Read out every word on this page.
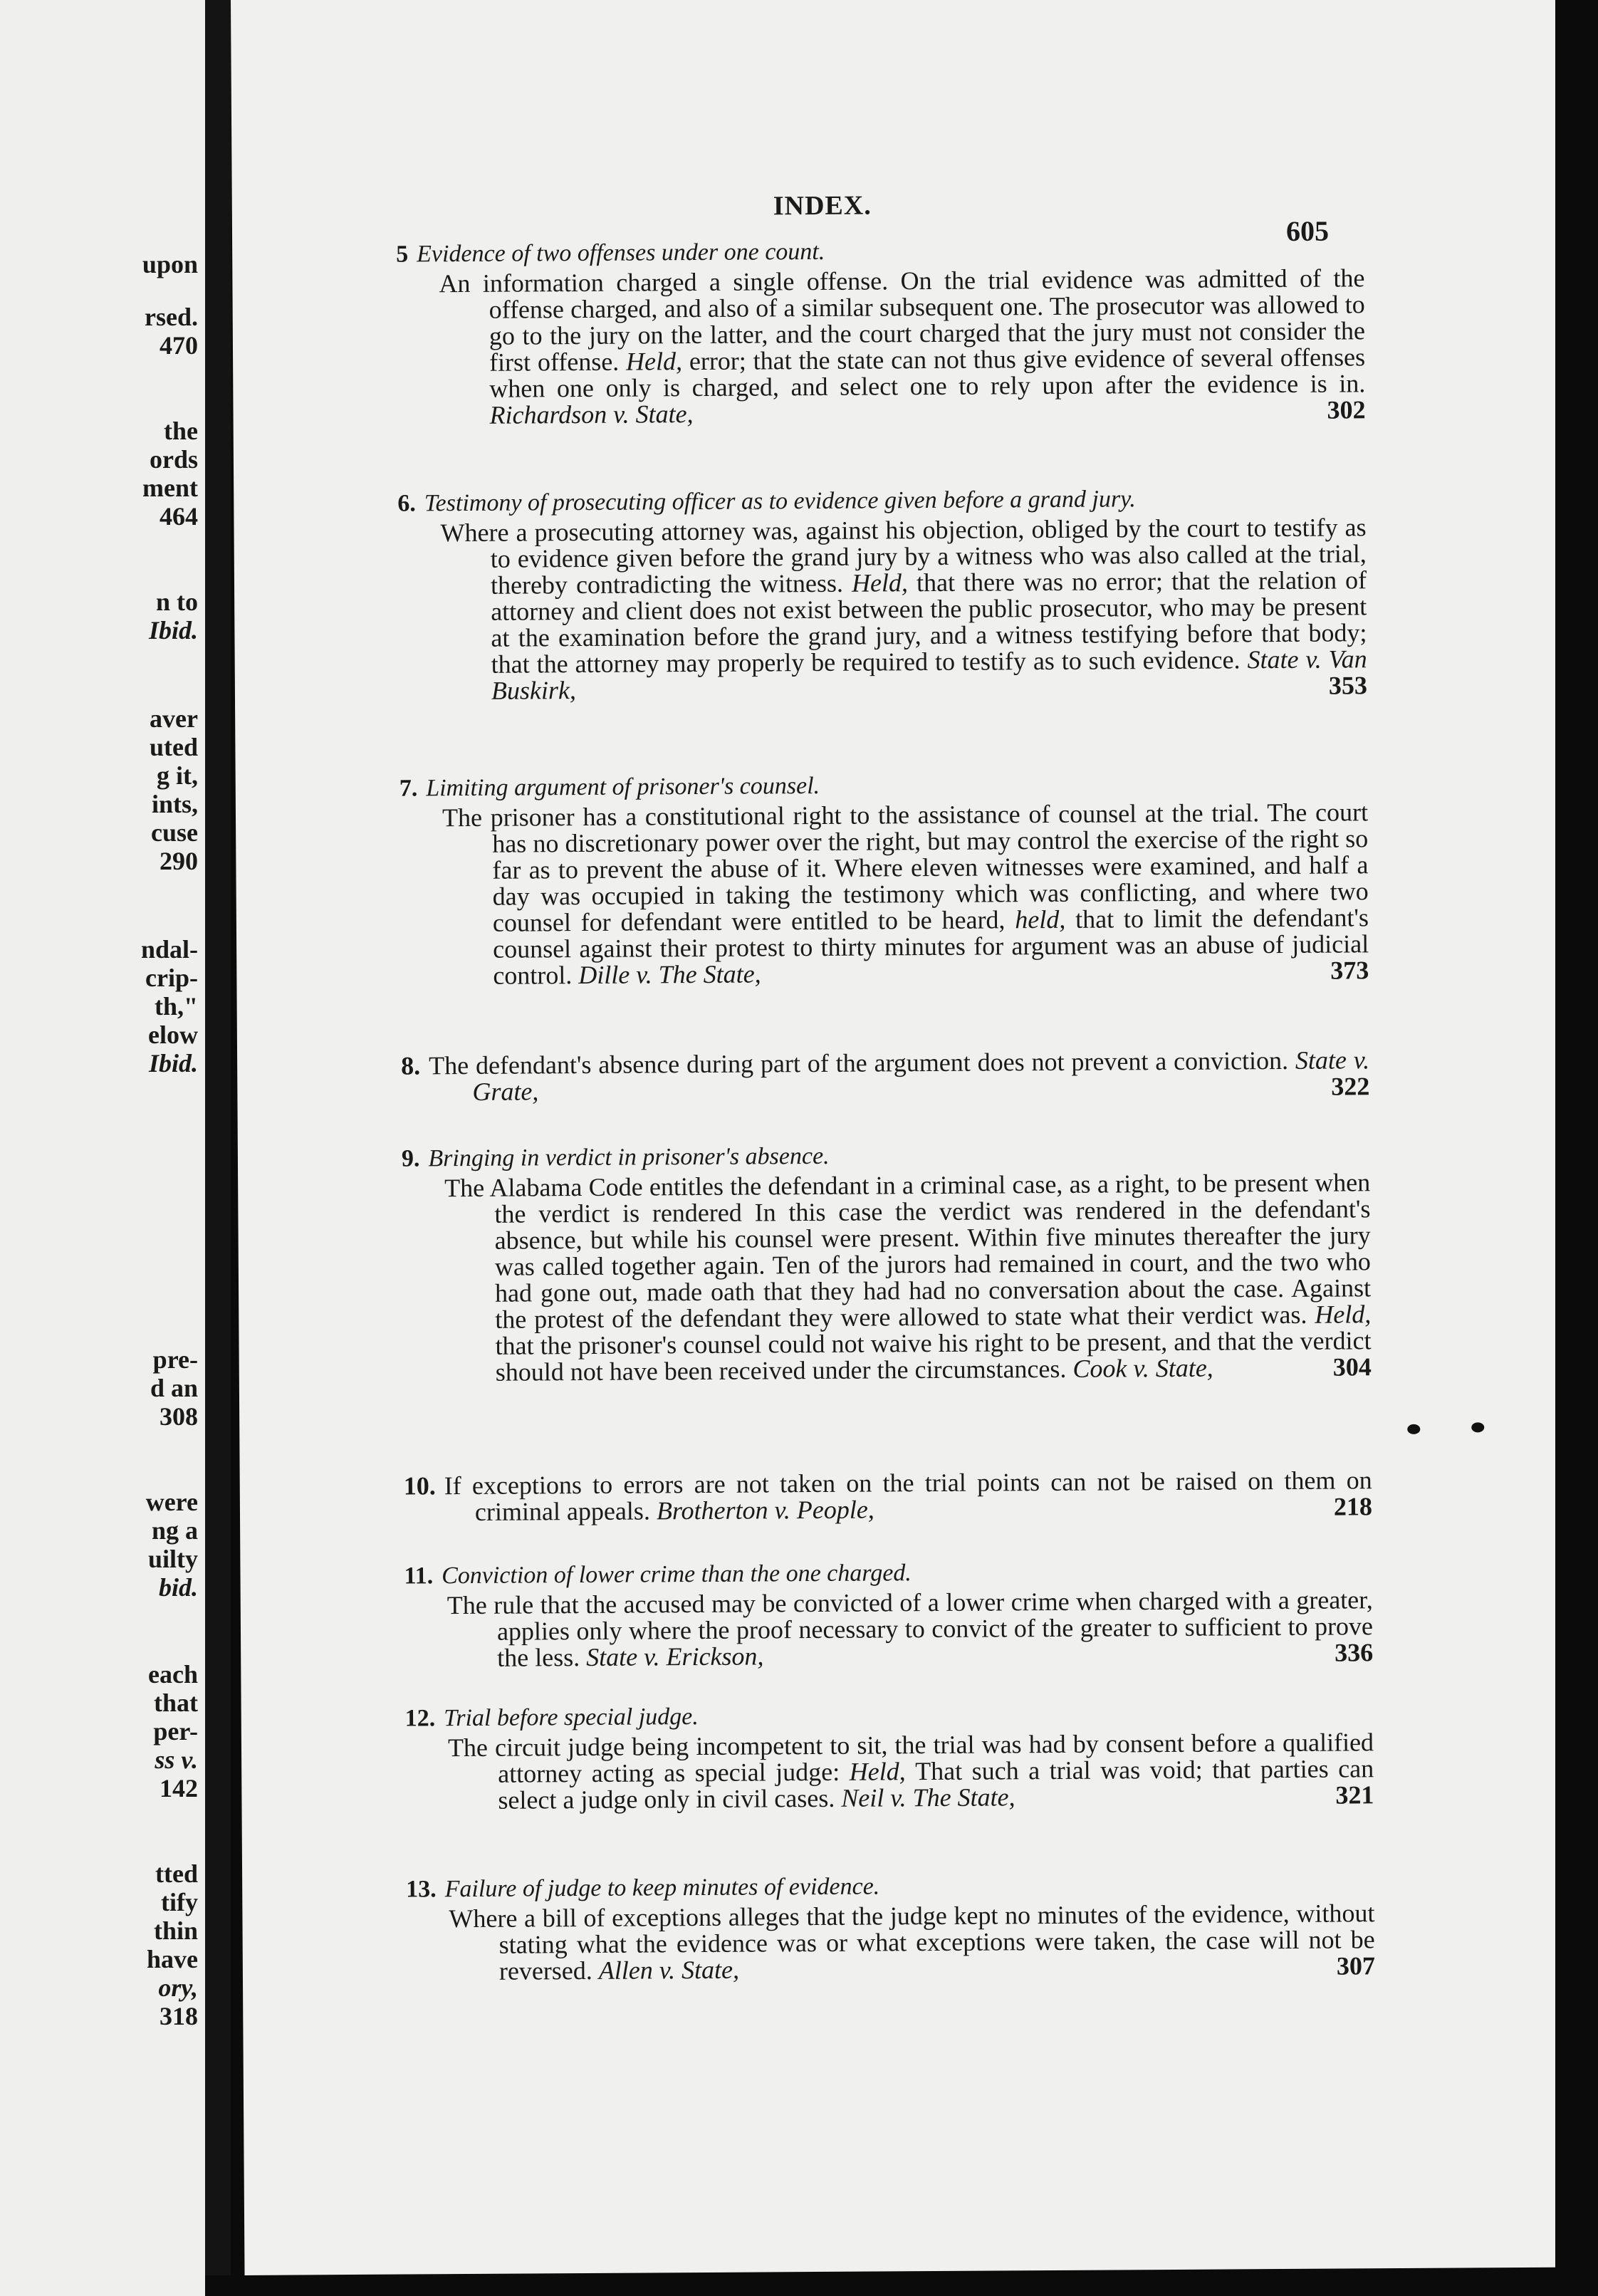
upon
rsed.
470
the
ords
ment
464
n to
Ibid.
aver
uted
g it,
ints,
cuse
290
ndal-
crip-
th,"
elow
Ibid.
pre-
d an
308
were
ng a
uilty
bid.
each
that
per-
ss v.
142
tted
tify
thin
have
ory,
318
INDEX.
605
5 Evidence of two offenses under one count.
An information charged a single offense. On the trial evidence was admitted of the offense charged, and also of a similar subsequent one. The prosecutor was allowed to go to the jury on the latter, and the court charged that the jury must not consider the first offense. Held, error; that the state can not thus give evidence of several offenses when one only is charged, and select one to rely upon after the evidence is in. Richardson v. State,	302
6. Testimony of prosecuting officer as to evidence given before a grand jury.
Where a prosecuting attorney was, against his objection, obliged by the court to testify as to evidence given before the grand jury by a witness who was also called at the trial, thereby contradicting the witness. Held, that there was no error; that the relation of attorney and client does not exist between the public prosecutor, who may be present at the examination before the grand jury, and a witness testifying before that body; that the attorney may properly be required to testify as to such evidence. State v. Van Buskirk,	353
7. Limiting argument of prisoner's counsel.
The prisoner has a constitutional right to the assistance of counsel at the trial. The court has no discretionary power over the right, but may control the exercise of the right so far as to prevent the abuse of it. Where eleven witnesses were examined, and half a day was occupied in taking the testimony which was conflicting, and where two counsel for defendant were entitled to be heard, held, that to limit the defendant's counsel against their protest to thirty minutes for argument was an abuse of judicial control. Dille v. The State,	373
8. The defendant's absence during part of the argument does not prevent a conviction. State v. Grate,	322
9. Bringing in verdict in prisoner's absence.
The Alabama Code entitles the defendant in a criminal case, as a right, to be present when the verdict is rendered In this case the verdict was rendered in the defendant's absence, but while his counsel were present. Within five minutes thereafter the jury was called together again. Ten of the jurors had remained in court, and the two who had gone out, made oath that they had had no conversation about the case. Against the protest of the defendant they were allowed to state what their verdict was. Held, that the prisoner's counsel could not waive his right to be present, and that the verdict should not have been received under the circumstances. Cook v. State,	304
10. If exceptions to errors are not taken on the trial points can not be raised on them on criminal appeals. Brotherton v. People,	218
11. Conviction of lower crime than the one charged.
The rule that the accused may be convicted of a lower crime when charged with a greater, applies only where the proof necessary to convict of the greater to sufficient to prove the less. State v. Erickson,	336
12. Trial before special judge.
The circuit judge being incompetent to sit, the trial was had by consent before a qualified attorney acting as special judge: Held, That such a trial was void; that parties can select a judge only in civil cases. Neil v. The State,	321
13. Failure of judge to keep minutes of evidence.
Where a bill of exceptions alleges that the judge kept no minutes of the evidence, without stating what the evidence was or what exceptions were taken, the case will not be reversed. Allen v. State,	307
